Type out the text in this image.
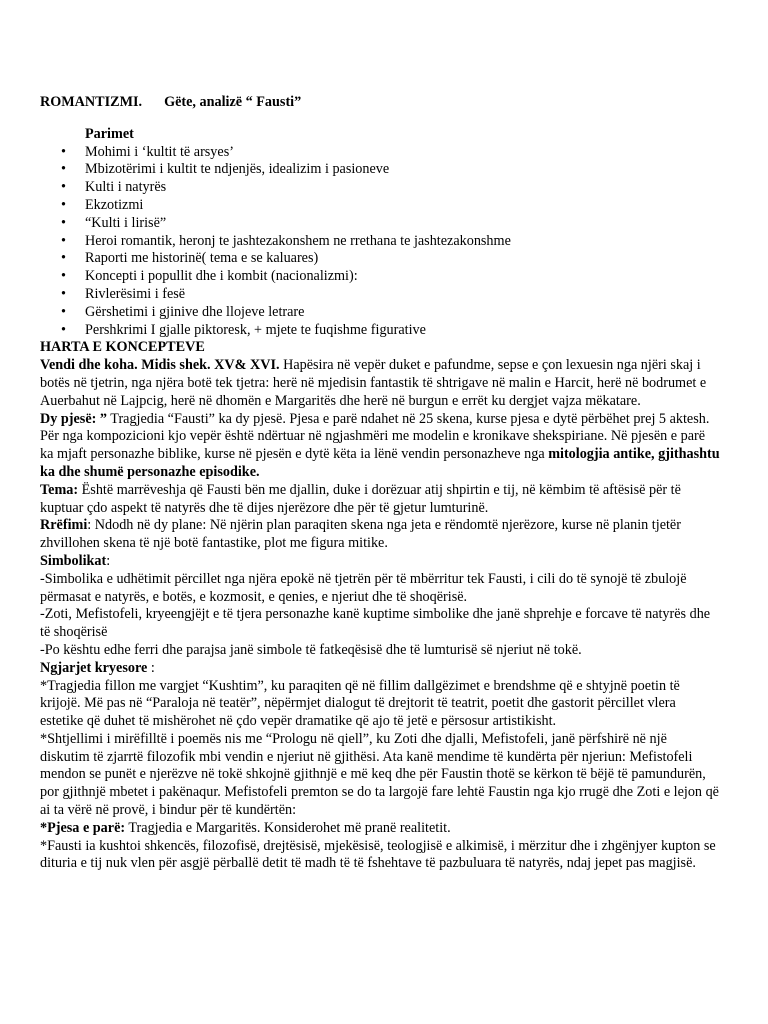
ROMANTIZMI. Gëte, analizë “ Fausti”
Parimet
• Mohimi i ‘kultit të arsyes’
• Mbizotërimi i kultit te ndjenjës, idealizim i pasioneve
• Kulti i natyrës
• Ekzotizmi
• “Kulti i lirisë”
• Heroi romantik, heronj te jashtezakonshem ne rrethana te jashtezakonshme
• Raporti me historinë( tema e se kaluares)
• Koncepti i popullit dhe i kombit (nacionalizmi):
• Rivlerësimi i fesë
• Gërshetimi i gjinive dhe llojeve letrare
• Pershkrimi I gjalle piktoresk, + mjete te fuqishme figurative
HARTA E KONCEPTEVE

Vendi dhe koha. Midis shek. XV& XVI. Hapësira në vepër duket e pafundme, sepse e çon lexuesin nga njëri skaj i botës në tjetrin, nga njëra botë tek tjetra: herë në mjedisin fantastik të shtrigave në malin e Harcit, herë në bodrumet e Auerbahut në Lajpcig, herë në dhomën e Margaritës dhe herë në burgun e errët ku dergjet vajza mëkatare.

Dy pjesë: ” Tragjedia “Fausti” ka dy pjesë. Pjesa e parë ndahet në 25 skena, kurse pjesa e dytë përbëhet prej 5 aktesh. Për nga kompozicioni kjo vepër është ndërtuar në ngjashmëri me modelin e kronikave shekspiriane. Në pjesën e parë ka mjaft personazhe biblike, kurse në pjesën e dytë këta ia lënë vendin personazheve nga mitologjia antike, gjithashtu ka dhe shumë personazhe episodike.

Tema: Është marrëveshja që Fausti bën me djallin, duke i dorëzuar atij shpirtin e tij, në këmbim të aftësisë për të kuptuar çdo aspekt të natyrës dhe të dijes njerëzore dhe për të gjetur lumturinë.

Rrëfimi: Ndodh në dy plane: Në njërin plan paraqiten skena nga jeta e rëndomtë njerëzore, kurse në planin tjetër zhvillohen skena të një botë fantastike, plot me figura mitike.

Simbolikat:

-Simbolika e udhëtimit përcillet nga njëra epokë në tjetrën për të mbërritur tek Fausti, i cili do të synojë të zbulojë përmasat e natyrës, e botës, e kozmosit, e qenies, e njeriut dhe të shoqërisë.

-Zoti, Mefistofeli, kryeengjëjt e të tjera personazhe kanë kuptime simbolike dhe janë shprehje e forcave të natyrës dhe të shoqërisë

-Po kështu edhe ferri dhe parajsa janë simbole të fatkeqësisë dhe të lumturisë së njeriut në tokë.

Ngjarjet kryesore :

*Tragjedia fillon me vargjet “Kushtim”, ku paraqiten që në fillim dallgëzimet e brendshme që e shtyjnë poetin të krijojë. Më pas në “Paraloja në teatër”, nëpërmjet dialogut të drejtorit të teatrit, poetit dhe gastorit përcillet vlera estetike që duhet të mishërohet në çdo vepër dramatike që ajo të jetë e përsosur artistikisht.

*Shtjellimi i mirëfilltë i poemës nis me “Prologu në qiell”, ku Zoti dhe djalli, Mefistofeli, janë përfshirë në një diskutim të zjarrtë filozofik mbi vendin e njeriut në gjithësi. Ata kanë mendime të kundërta për njeriun: Mefistofeli mendon se punët e njerëzve në tokë shkojnë gjithnjë e më keq dhe për Faustin thotë se kërkon të bëjë të pamundurën, por gjithnjë mbetet i pakënaqur. Mefistofeli premton se do ta largojë fare lehtë Faustin nga kjo rrugë dhe Zoti e lejon që ai ta vërë në provë, i bindur për të kundërtën:

*Pjesa e parë: Tragjedia e Margaritës. Konsiderohet më pranë realitetit.

*Fausti ia kushtoi shkencës, filozofisë, drejtësisë, mjekësisë, teologjisë e alkimisë, i mërzitur dhe i zhgënjyer kupton se dituria e tij nuk vlen për asgjë përballë detit të madh të të fshehtave të pazbuluara të natyrës, ndaj jepet pas magjisë.
